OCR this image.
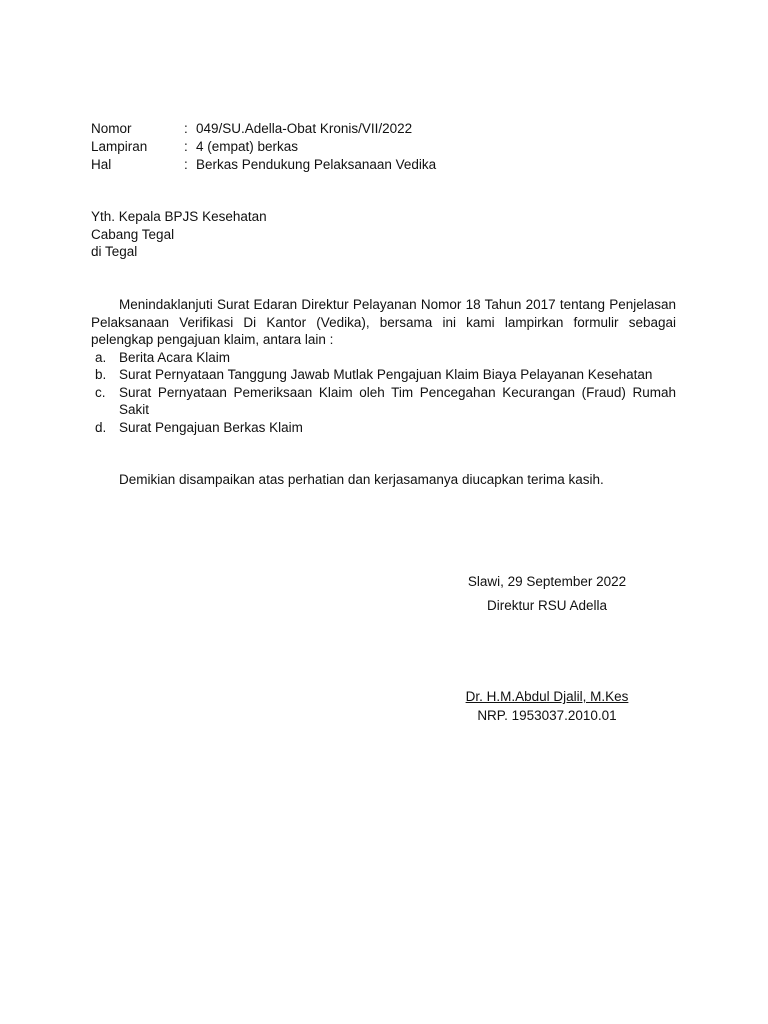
Nomor	: 049/SU.Adella-Obat Kronis/VII/2022
Lampiran	: 4 (empat) berkas
Hal	: Berkas Pendukung Pelaksanaan Vedika
Yth. Kepala BPJS Kesehatan
Cabang Tegal
di Tegal

Menindaklanjuti Surat Edaran Direktur Pelayanan Nomor 18 Tahun 2017 tentang Penjelasan Pelaksanaan Verifikasi Di Kantor (Vedika), bersama ini kami lampirkan formulir sebagai pelengkap pengajuan klaim, antara lain :

a. Berita Acara Klaim
b. Surat Pernyataan Tanggung Jawab Mutlak Pengajuan Klaim Biaya Pelayanan Kesehatan
c. Surat Pernyataan Pemeriksaan Klaim oleh Tim Pencegahan Kecurangan (Fraud) Rumah Sakit
d. Surat Pengajuan Berkas Klaim

Demikian disampaikan atas perhatian dan kerjasamanya diucapkan terima kasih.

Slawi, 29 September 2022
Direktur RSU Adella
Dr. H.M.Abdul Djalil, M.Kes
NRP. 1953037.2010.01
